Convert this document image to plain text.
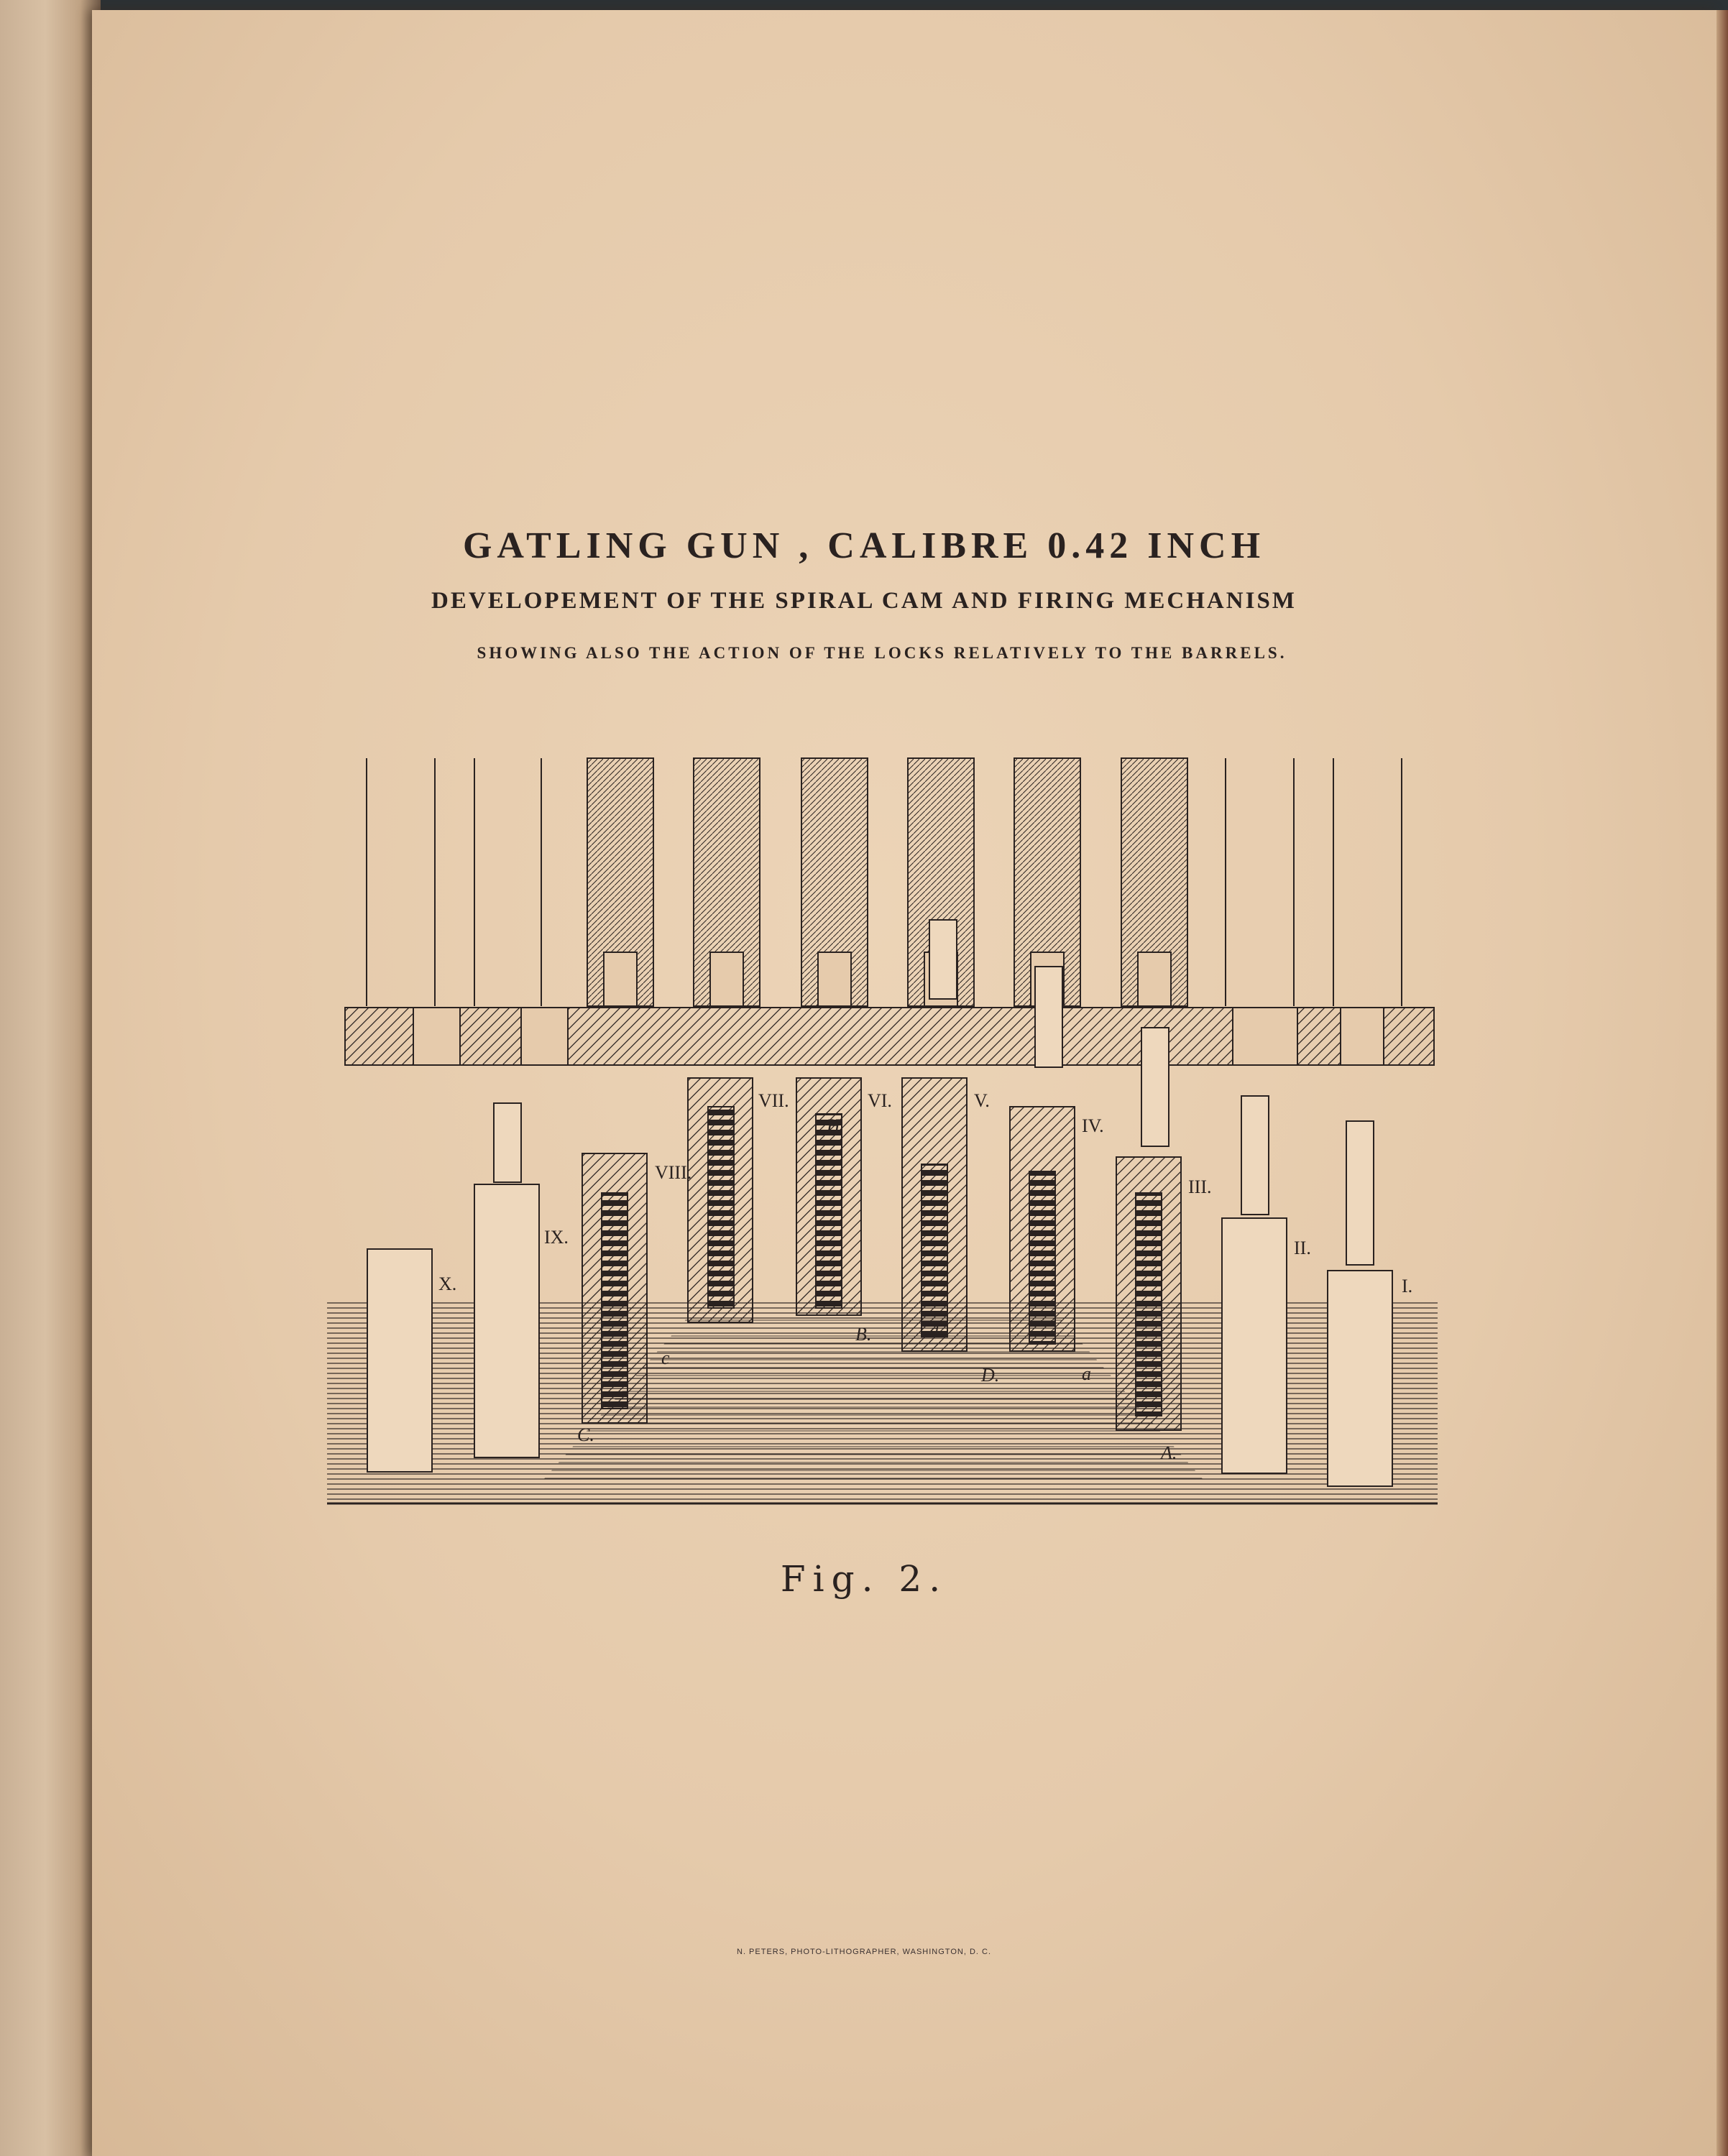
GATLING GUN , CALIBRE 0.42 INCH
DEVELOPEMENT OF THE SPIRAL CAM AND FIRING MECHANISM
SHOWING ALSO THE ACTION OF THE LOCKS RELATIVELY TO THE BARRELS.
I.
II.
III.
IV.
V.
VI.
VII.
VIII.
IX.
X.
A.
B.
C.
D.	a
c
d
H

Fig. 2.

N. PETERS, PHOTO-LITHOGRAPHER, WASHINGTON, D. C.
